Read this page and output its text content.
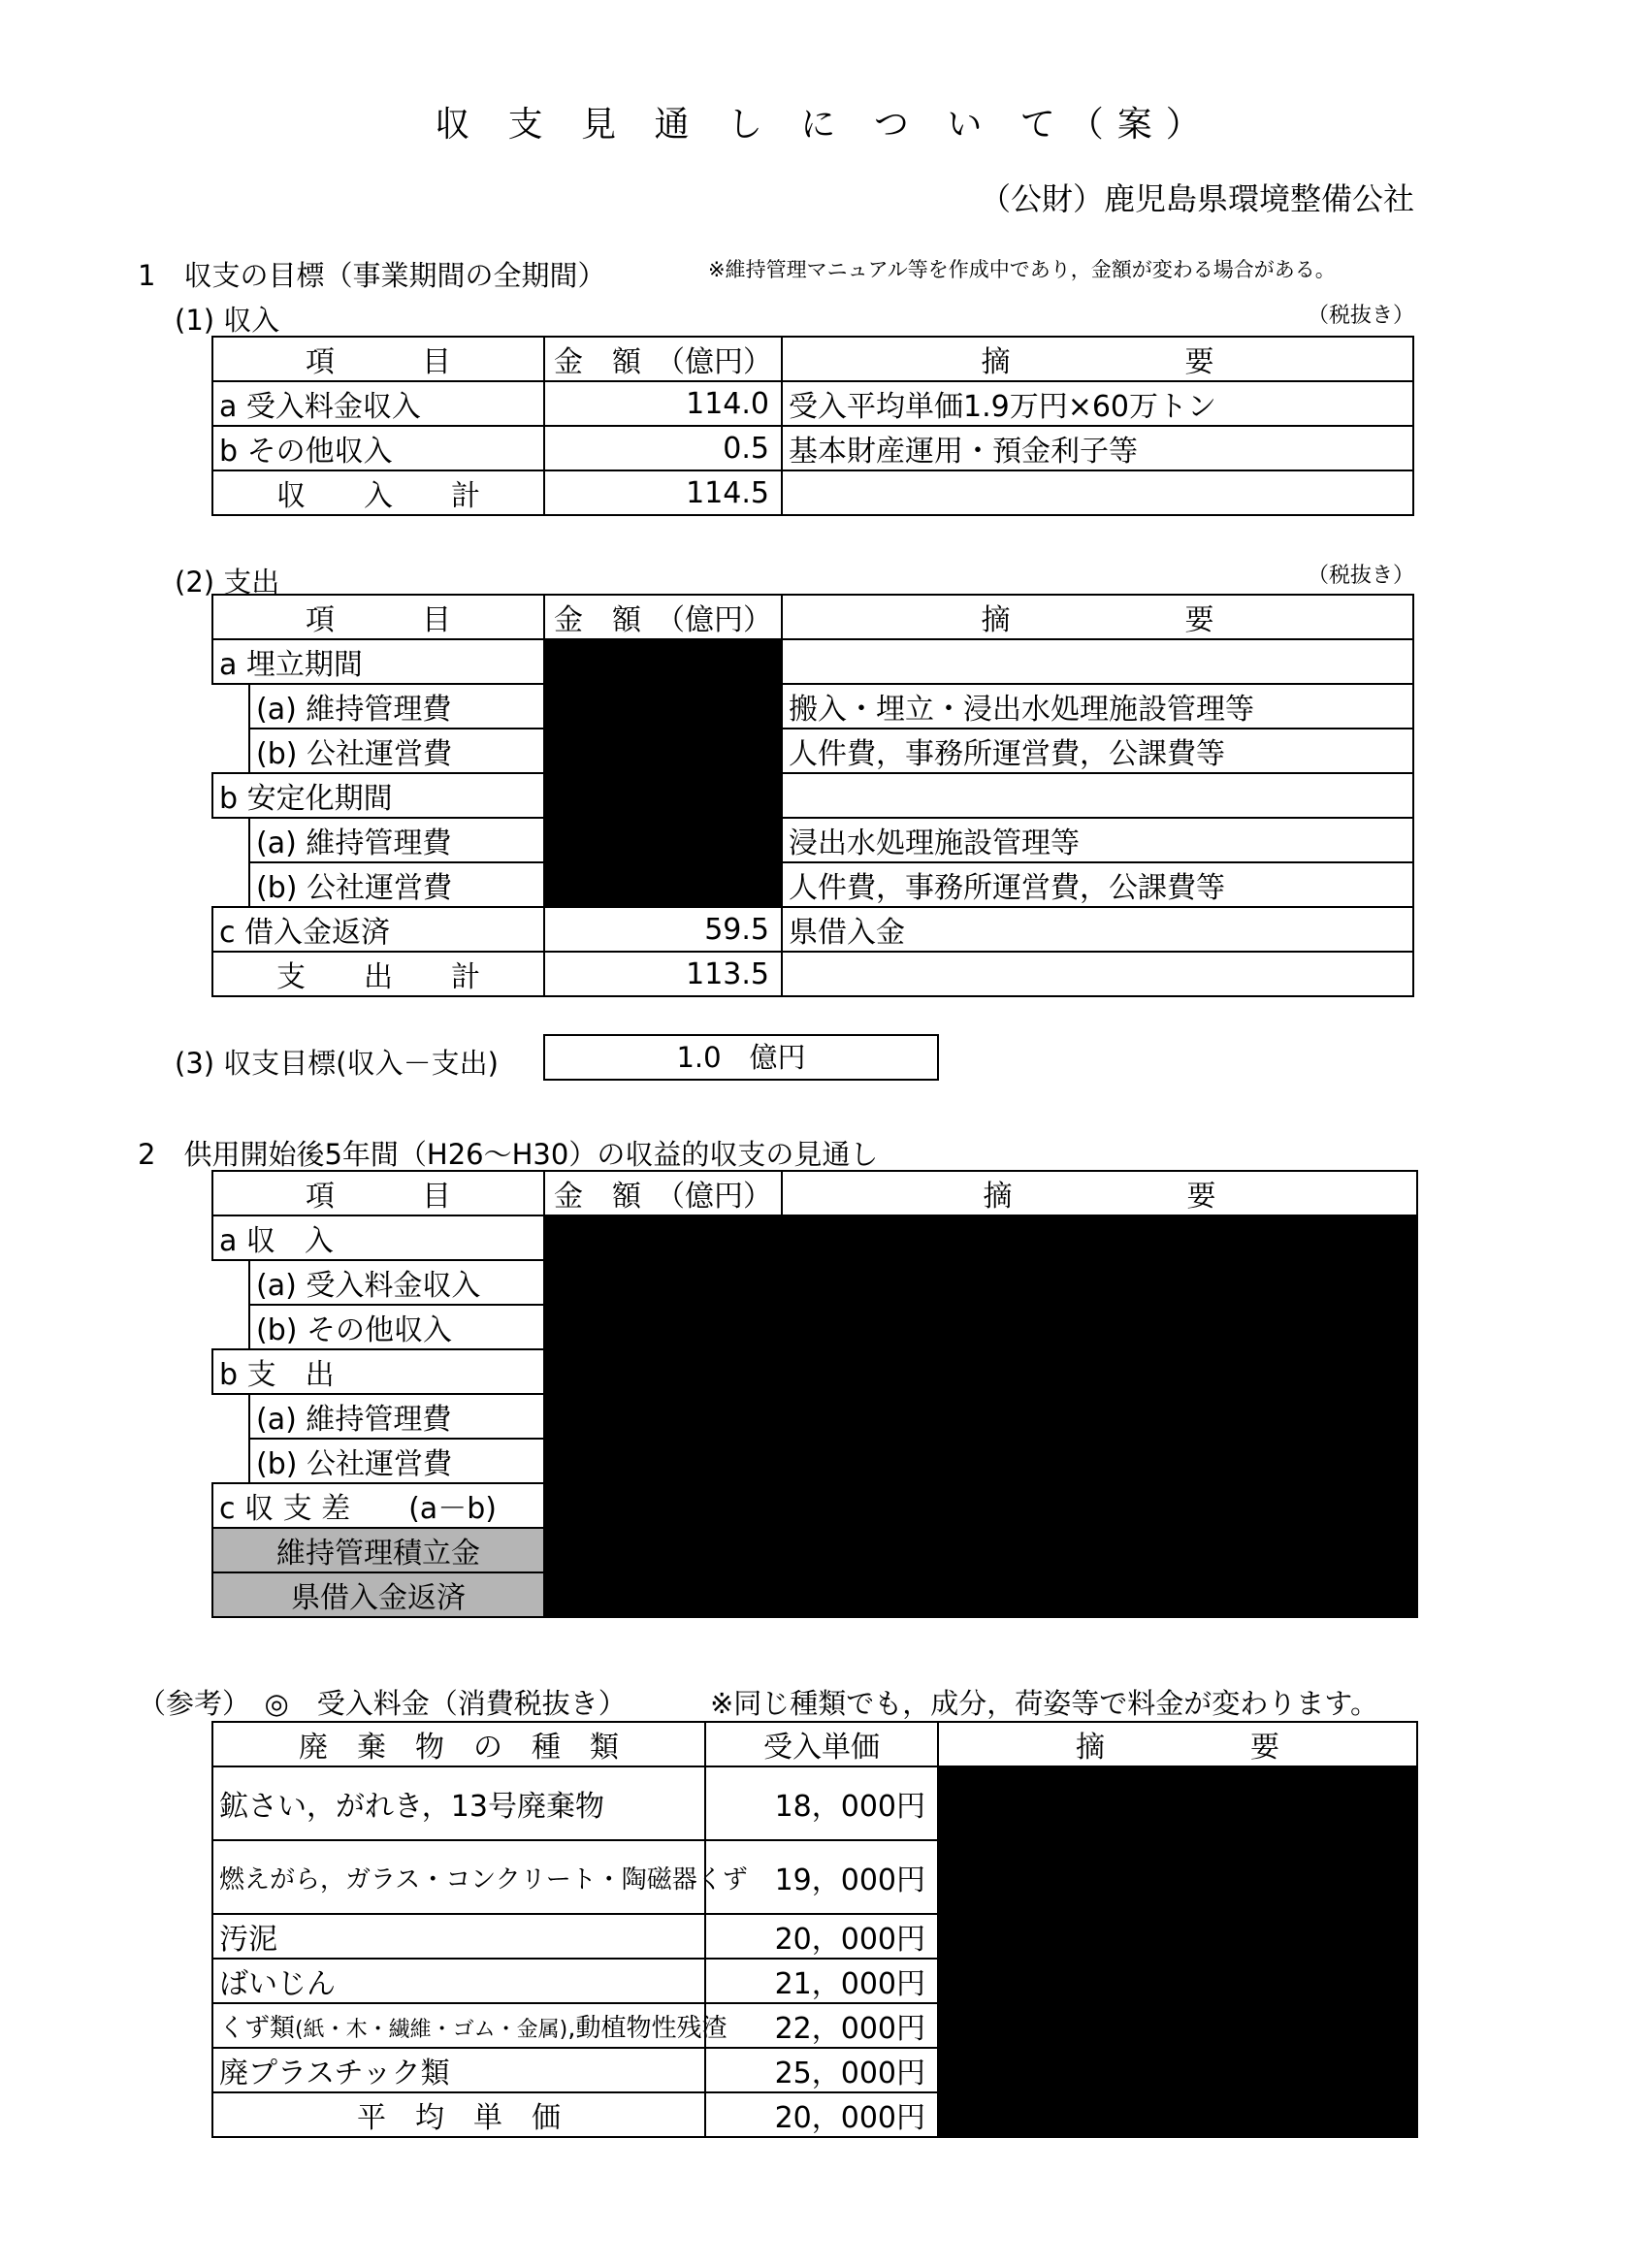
収 支 見 通 し に つ い て（案）
（公財）鹿児島県環境整備公社
1　収支の目標（事業期間の全期間）	※維持管理マニュアル等を作成中であり，金額が変わる場合がある。
(1) 収入	（税抜き）
項　　　目	金　額　（億円）	摘　　　　　　要
a 受入料金収入	114.0	受入平均単価1.9万円×60万トン
b その他収入	0.5	基本財産運用・預金利子等
収　　入　　計	114.5	
(2) 支出	（税抜き）
項　　　目		金　額　（億円）	摘　　　　　　要
a 埋立期間			
	(a) 維持管理費		搬入・埋立・浸出水処理施設管理等
	(b) 公社運営費		人件費，事務所運営費，公課費等
b 安定化期間			
	(a) 維持管理費		浸出水処理施設管理等
	(b) 公社運営費		人件費，事務所運営費，公課費等
c 借入金返済		59.5	県借入金
支　　出　　計		113.5	
(3) 収支目標(収入－支出)	1.0　億円
2　供用開始後5年間（H26～H30）の収益的収支の見通し
項　　　目		金　額　（億円）	摘　　　　　　要
a 収　入			
	(a) 受入料金収入		
	(b) その他収入		
b 支　出			
	(a) 維持管理費		
	(b) 公社運営費		
c 収 支 差　　(a－b)			
維持管理積立金			
県借入金返済			
（参考）　◎　受入料金（消費税抜き）	※同じ種類でも，成分，荷姿等で料金が変わります。
廃　棄　物　の　種　類	受入単価	摘　　　　　要
鉱さい，がれき，13号廃棄物	18，000円	
燃えがら，ガラス・コンクリート・陶磁器くず	19，000円	
汚泥	20，000円	
ばいじん	21，000円	
くず類(紙・木・繊維・ゴム・金属),動植物性残渣	22，000円	
廃プラスチック類	25，000円	
平　均　単　価	20，000円	
